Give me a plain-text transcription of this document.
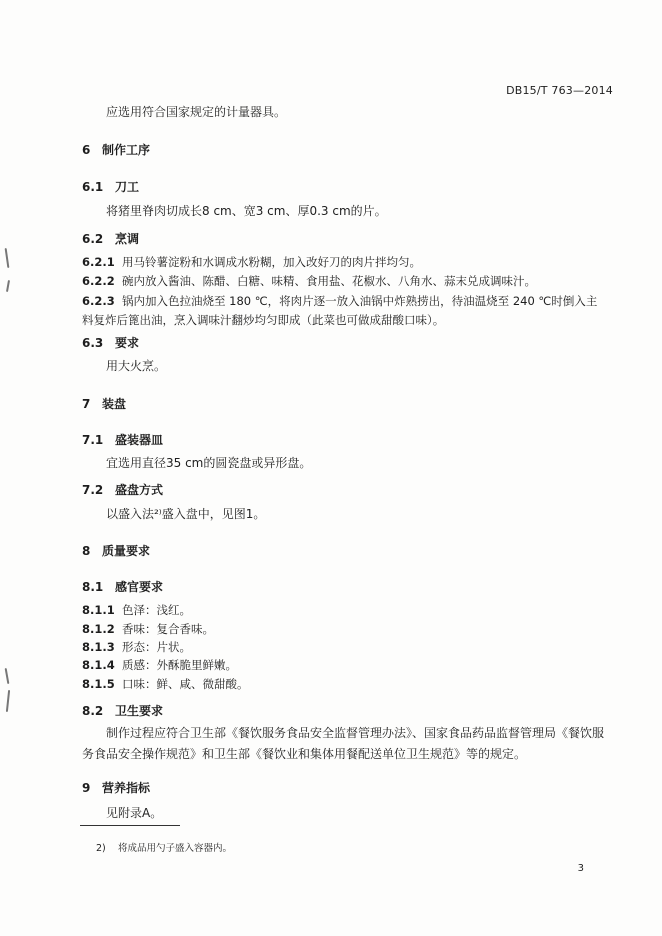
DB15/T 763—2014
应选用符合国家规定的计量器具。
6 制作工序
6.1 刀工
将猪里脊肉切成长8 cm、宽3 cm、厚0.3 cm的片。
6.2 烹调
6.2.1 用马铃薯淀粉和水调成水粉糊，加入改好刀的肉片拌均匀。
6.2.2 碗内放入酱油、陈醋、白糖、味精、食用盐、花椒水、八角水、蒜末兑成调味汁。
6.2.3 锅内加入色拉油烧至 180 ℃，将肉片逐一放入油锅中炸熟捞出，待油温烧至 240 ℃时倒入主料复炸后篦出油，烹入调味汁翻炒均匀即成（此菜也可做成甜酸口味）。
6.3 要求
用大火烹。
7 装盘
7.1 盛装器皿
宜选用直径35 cm的圆瓷盘或异形盘。
7.2 盛盘方式
以盛入法²⁾盛入盘中，见图1。
8 质量要求
8.1 感官要求
8.1.1 色泽：浅红。
8.1.2 香味：复合香味。
8.1.3 形态：片状。
8.1.4 质感：外酥脆里鲜嫩。
8.1.5 口味：鲜、咸、微甜酸。
8.2 卫生要求
制作过程应符合卫生部《餐饮服务食品安全监督管理办法》、国家食品药品监督管理局《餐饮服务食品安全操作规范》和卫生部《餐饮业和集体用餐配送单位卫生规范》等的规定。
9 营养指标
见附录A。
2) 将成品用勺子盛入容器内。
3
